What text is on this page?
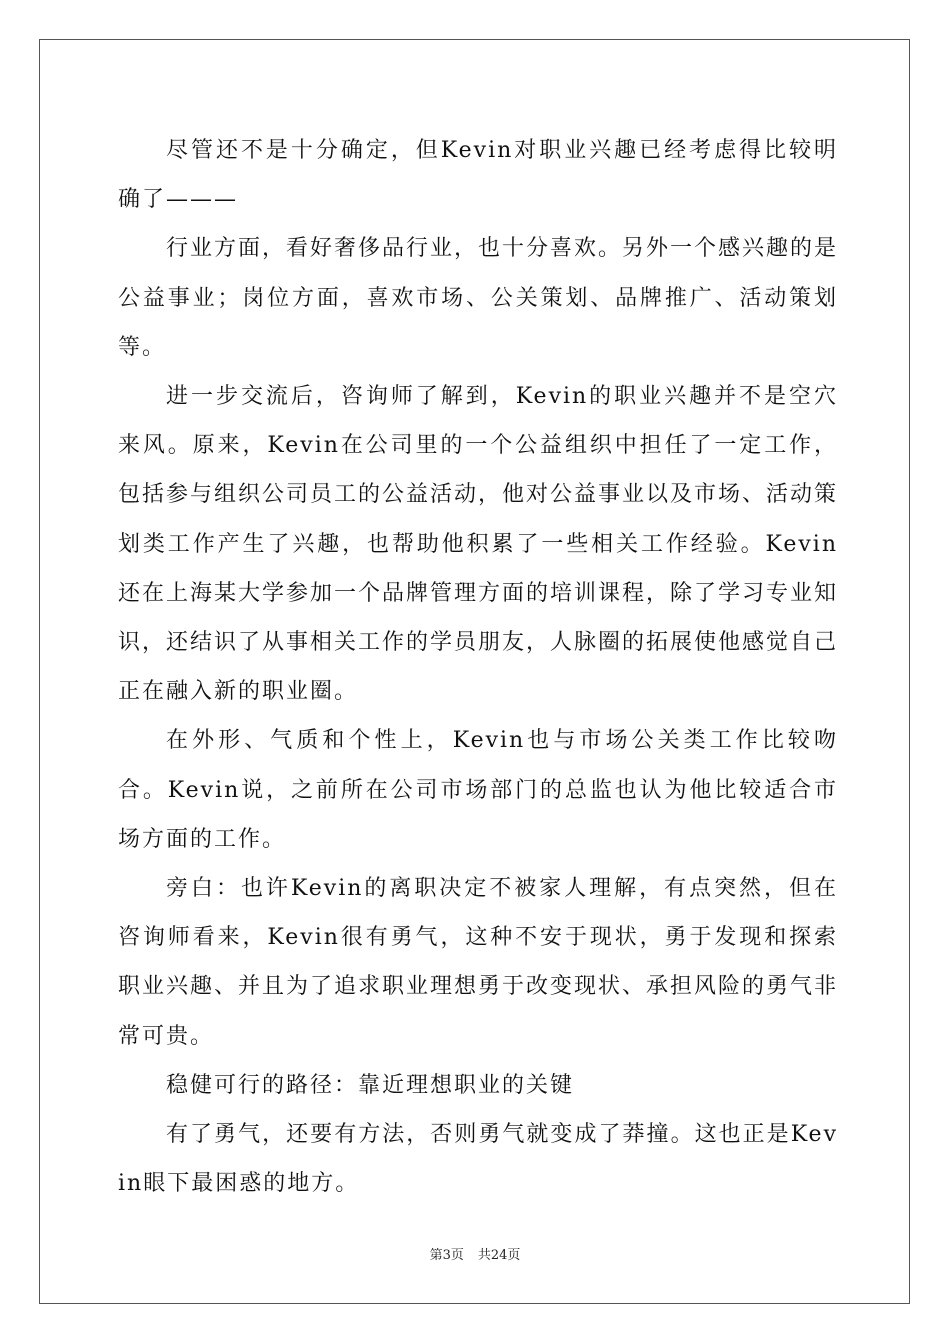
尽管还不是十分确定，但Kevin对职业兴趣已经考虑得比较明确了———

行业方面，看好奢侈品行业，也十分喜欢。另外一个感兴趣的是公益事业；岗位方面，喜欢市场、公关策划、品牌推广、活动策划等。

进一步交流后，咨询师了解到，Kevin的职业兴趣并不是空穴来风。原来，Kevin在公司里的一个公益组织中担任了一定工作，包括参与组织公司员工的公益活动，他对公益事业以及市场、活动策划类工作产生了兴趣，也帮助他积累了一些相关工作经验。Kevin还在上海某大学参加一个品牌管理方面的培训课程，除了学习专业知识，还结识了从事相关工作的学员朋友，人脉圈的拓展使他感觉自己正在融入新的职业圈。

在外形、气质和个性上，Kevin也与市场公关类工作比较吻合。Kevin说，之前所在公司市场部门的总监也认为他比较适合市场方面的工作。

旁白：也许Kevin的离职决定不被家人理解，有点突然，但在咨询师看来，Kevin很有勇气，这种不安于现状，勇于发现和探索职业兴趣、并且为了追求职业理想勇于改变现状、承担风险的勇气非常可贵。

稳健可行的路径：靠近理想职业的关键

有了勇气，还要有方法，否则勇气就变成了莽撞。这也正是Kevin眼下最困惑的地方。

第3页 共24页
